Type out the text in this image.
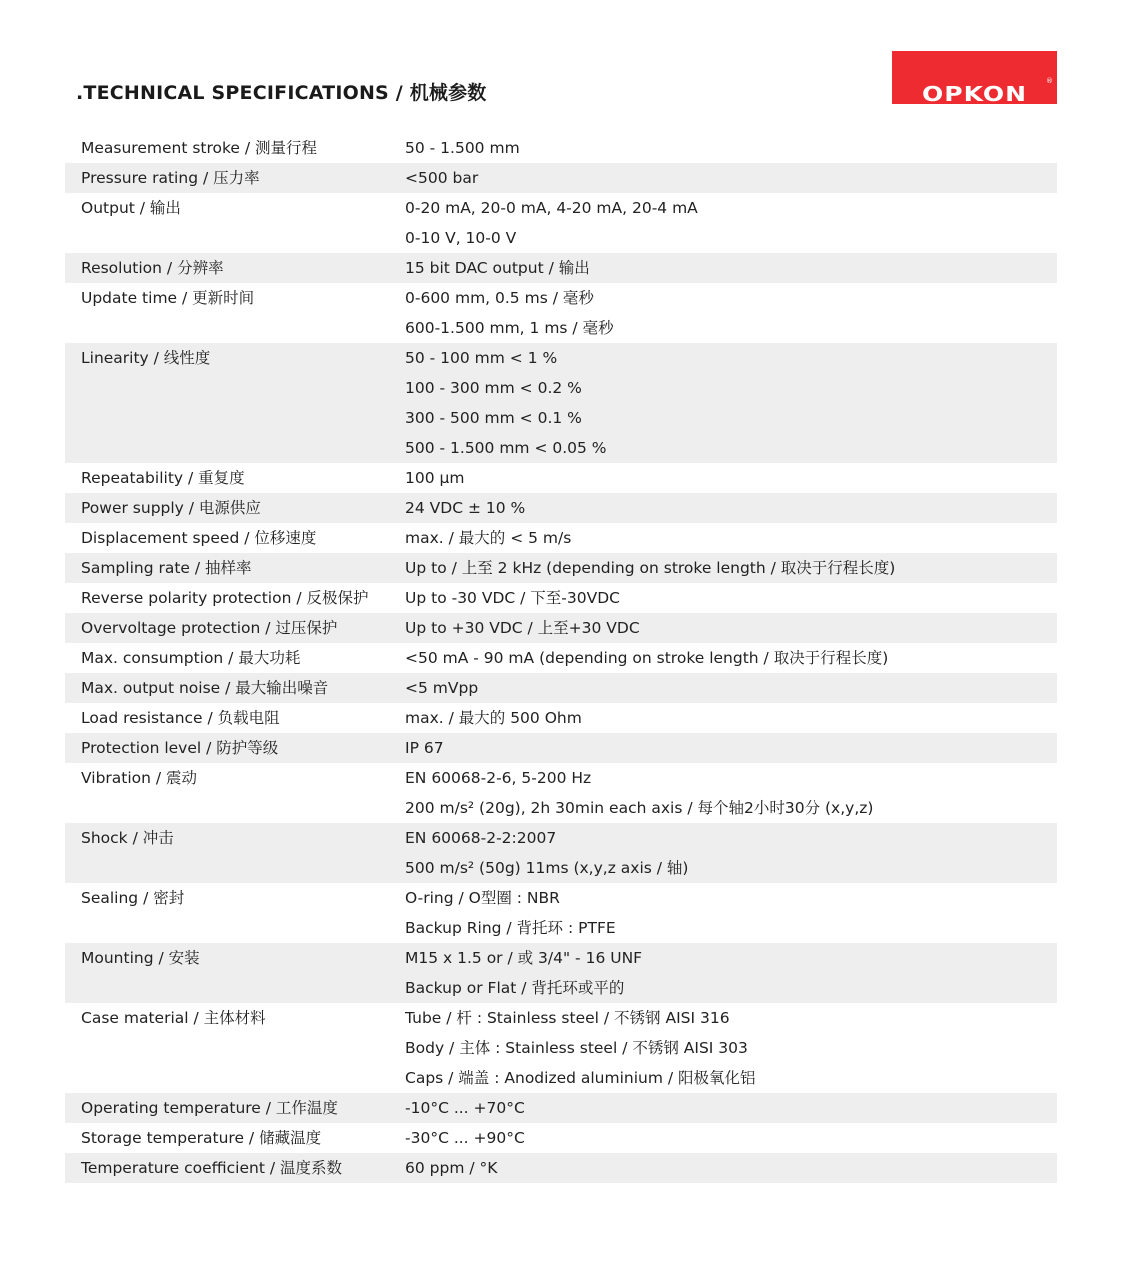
.TECHNICAL SPECIFICATIONS / 机械参数	OPKON
®
Measurement stroke / 测量行程	50 - 1.500 mm
Pressure rating / 压力率	<500 bar
Output / 输出	0-20 mA, 20-0 mA, 4-20 mA, 20-4 mA
0-10 V, 10-0 V
Resolution / 分辨率	15 bit DAC output / 输出
Update time / 更新时间	0-600 mm, 0.5 ms / 毫秒
600-1.500 mm, 1 ms / 毫秒
Linearity / 线性度	50 - 100 mm < 1 %
100 - 300 mm < 0.2 %
300 - 500 mm < 0.1 %
500 - 1.500 mm < 0.05 %
Repeatability / 重复度	100 μm
Power supply / 电源供应	24 VDC ± 10 %
Displacement speed / 位移速度	max. / 最大的 < 5 m/s
Sampling rate / 抽样率	Up to / 上至 2 kHz (depending on stroke length / 取决于行程长度)
Reverse polarity protection / 反极保护	Up to -30 VDC / 下至-30VDC
Overvoltage protection / 过压保护	Up to +30 VDC / 上至+30 VDC
Max. consumption / 最大功耗	<50 mA - 90 mA (depending on stroke length / 取决于行程长度)
Max. output noise / 最大输出噪音	<5 mVpp
Load resistance / 负载电阻	max. / 最大的 500 Ohm
Protection level / 防护等级	IP 67
Vibration / 震动	EN 60068-2-6, 5-200 Hz
200 m/s² (20g), 2h 30min each axis / 每个轴2小时30分 (x,y,z)
Shock / 冲击	EN 60068-2-2:2007
500 m/s² (50g) 11ms (x,y,z axis / 轴)
Sealing / 密封	O-ring / O型圈 : NBR
Backup Ring / 背托环 : PTFE
Mounting / 安装	M15 x 1.5 or / 或 3/4" - 16 UNF
Backup or Flat / 背托环或平的
Case material / 主体材料	Tube / 杆 : Stainless steel / 不锈钢 AISI 316
Body / 主体 : Stainless steel / 不锈钢 AISI 303
Caps / 端盖 : Anodized aluminium / 阳极氧化铝
Operating temperature / 工作温度	-10°C ... +70°C
Storage temperature / 储藏温度	-30°C ... +90°C
Temperature coefficient / 温度系数	60 ppm / °K
